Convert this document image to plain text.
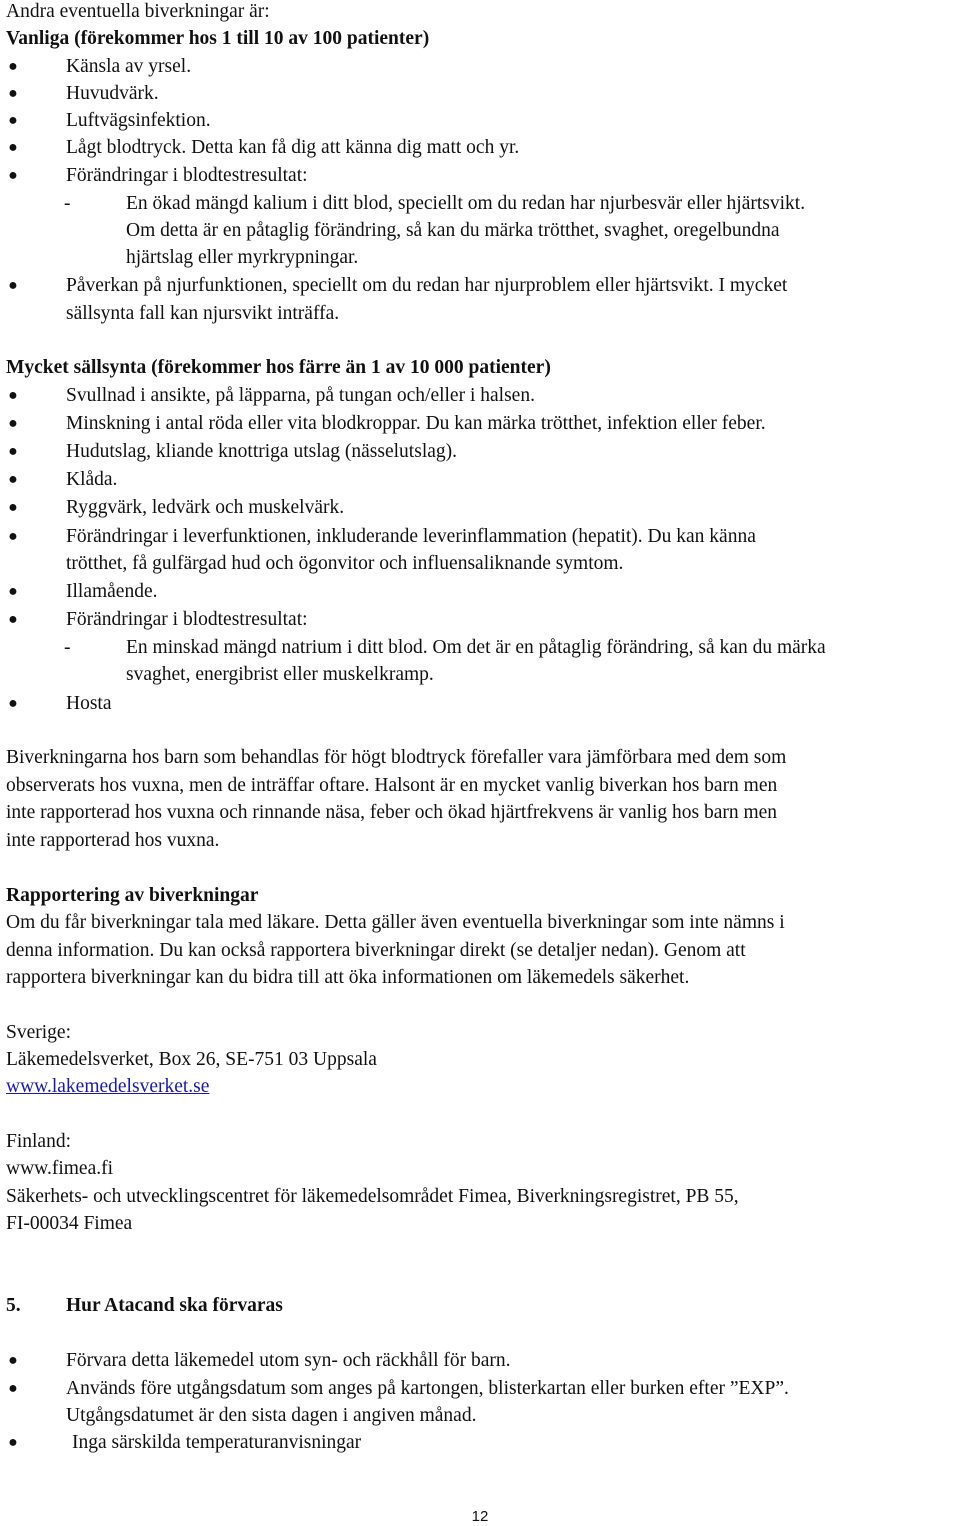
Andra eventuella biverkningar är:
Vanliga (förekommer hos 1 till 10 av 100 patienter)
● Känsla av yrsel.
● Huvudvärk.
● Luftvägsinfektion.
● Lågt blodtryck. Detta kan få dig att känna dig matt och yr.
● Förändringar i blodtestresultat:
-	En ökad mängd kalium i ditt blod, speciellt om du redan har njurbesvär eller hjärtsvikt.
Om detta är en påtaglig förändring, så kan du märka trötthet, svaghet, oregelbundna
hjärtslag eller myrkrypningar.
● Påverkan på njurfunktionen, speciellt om du redan har njurproblem eller hjärtsvikt. I mycket
sällsynta fall kan njursvikt inträffa.
Mycket sällsynta (förekommer hos färre än 1 av 10 000 patienter)
● Svullnad i ansikte, på läpparna, på tungan och/eller i halsen.
● Minskning i antal röda eller vita blodkroppar. Du kan märka trötthet, infektion eller feber.
● Hudutslag, kliande knottriga utslag (nässelutslag).
● Klåda.
● Ryggvärk, ledvärk och muskelvärk.
● Förändringar i leverfunktionen, inkluderande leverinflammation (hepatit). Du kan känna
trötthet, få gulfärgad hud och ögonvitor och influensaliknande symtom.
● Illamående.
● Förändringar i blodtestresultat:
-	En minskad mängd natrium i ditt blod. Om det är en påtaglig förändring, så kan du märka
svaghet, energibrist eller muskelkramp.
● Hosta
Biverkningarna hos barn som behandlas för högt blodtryck förefaller vara jämförbara med dem som
observerats hos vuxna, men de inträffar oftare. Halsont är en mycket vanlig biverkan hos barn men
inte rapporterad hos vuxna och rinnande näsa, feber och ökad hjärtfrekvens är vanlig hos barn men
inte rapporterad hos vuxna.
Rapportering av biverkningar
Om du får biverkningar tala med läkare. Detta gäller även eventuella biverkningar som inte nämns i
denna information. Du kan också rapportera biverkningar direkt (se detaljer nedan). Genom att
rapportera biverkningar kan du bidra till att öka informationen om läkemedels säkerhet.
Sverige:
Läkemedelsverket, Box 26, SE-751 03 Uppsala
www.lakemedelsverket.se
Finland:
www.fimea.fi
Säkerhets- och utvecklingscentret för läkemedelsområdet Fimea, Biverkningsregistret, PB 55,
FI-00034 Fimea
5. Hur Atacand ska förvaras
● Förvara detta läkemedel utom syn- och räckhåll för barn.
● Används före utgångsdatum som anges på kartongen, blisterkartan eller burken efter ”EXP”.
Utgångsdatumet är den sista dagen i angiven månad.
●	Inga särskilda temperaturanvisningar
12
